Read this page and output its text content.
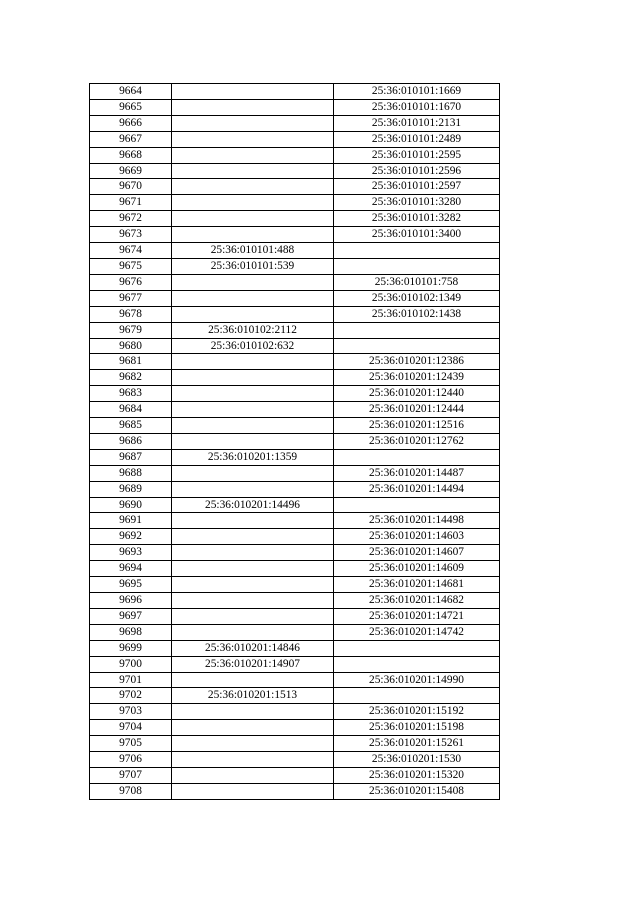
9664		25:36:010101:1669
9665		25:36:010101:1670
9666		25:36:010101:2131
9667		25:36:010101:2489
9668		25:36:010101:2595
9669		25:36:010101:2596
9670		25:36:010101:2597
9671		25:36:010101:3280
9672		25:36:010101:3282
9673		25:36:010101:3400
9674	25:36:010101:488	
9675	25:36:010101:539	
9676		25:36:010101:758
9677		25:36:010102:1349
9678		25:36:010102:1438
9679	25:36:010102:2112	
9680	25:36:010102:632	
9681		25:36:010201:12386
9682		25:36:010201:12439
9683		25:36:010201:12440
9684		25:36:010201:12444
9685		25:36:010201:12516
9686		25:36:010201:12762
9687	25:36:010201:1359	
9688		25:36:010201:14487
9689		25:36:010201:14494
9690	25:36:010201:14496	
9691		25:36:010201:14498
9692		25:36:010201:14603
9693		25:36:010201:14607
9694		25:36:010201:14609
9695		25:36:010201:14681
9696		25:36:010201:14682
9697		25:36:010201:14721
9698		25:36:010201:14742
9699	25:36:010201:14846	
9700	25:36:010201:14907	
9701		25:36:010201:14990
9702	25:36:010201:1513	
9703		25:36:010201:15192
9704		25:36:010201:15198
9705		25:36:010201:15261
9706		25:36:010201:1530
9707		25:36:010201:15320
9708		25:36:010201:15408
